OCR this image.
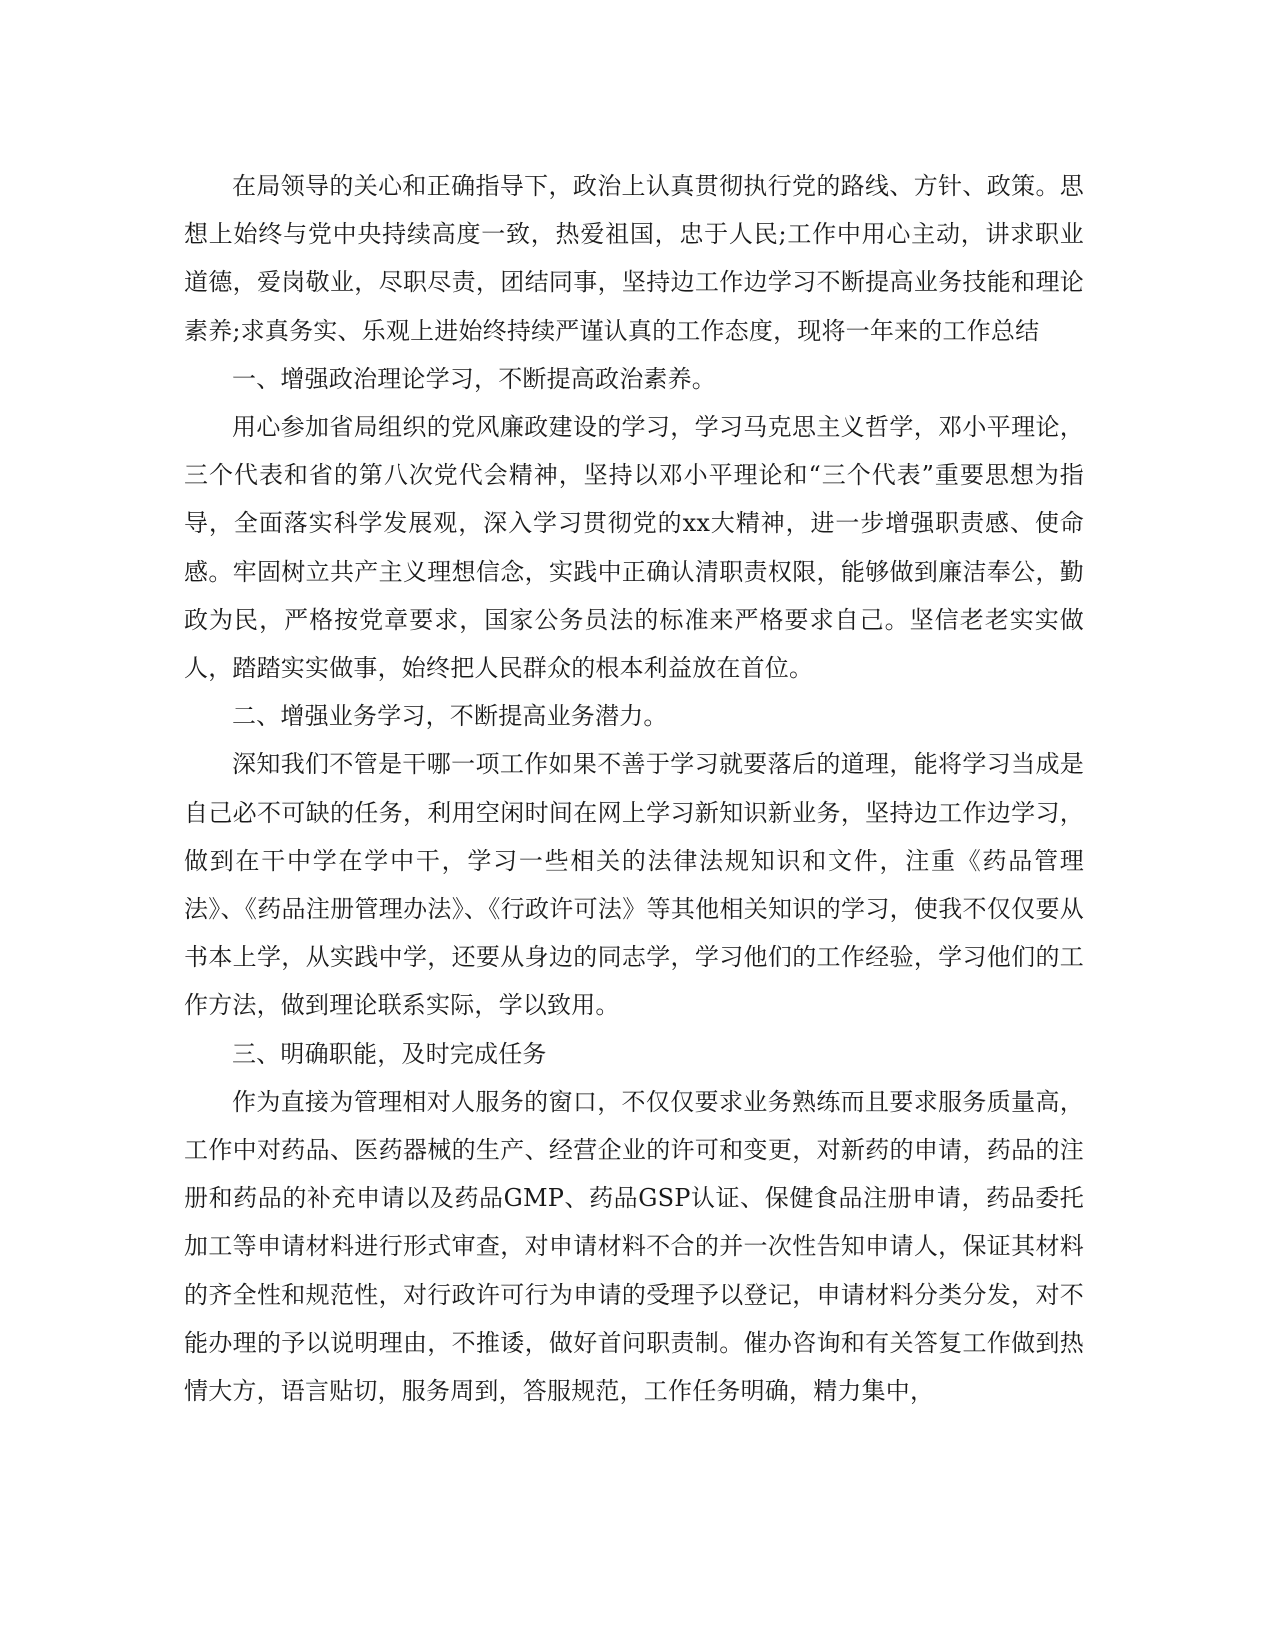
在局领导的关心和正确指导下，政治上认真贯彻执行党的路线、方针、政策。思想上始终与党中央持续高度一致，热爱祖国，忠于人民;工作中用心主动，讲求职业道德，爱岗敬业，尽职尽责，团结同事，坚持边工作边学习不断提高业务技能和理论素养;求真务实、乐观上进始终持续严谨认真的工作态度，现将一年来的工作总结

一、增强政治理论学习，不断提高政治素养。

用心参加省局组织的党风廉政建设的学习，学习马克思主义哲学，邓小平理论，三个代表和省的第八次党代会精神，坚持以邓小平理论和“三个代表”重要思想为指导，全面落实科学发展观，深入学习贯彻党的xx大精神，进一步增强职责感、使命感。牢固树立共产主义理想信念，实践中正确认清职责权限，能够做到廉洁奉公，勤政为民，严格按党章要求，国家公务员法的标准来严格要求自己。坚信老老实实做人，踏踏实实做事，始终把人民群众的根本利益放在首位。

二、增强业务学习，不断提高业务潜力。

深知我们不管是干哪一项工作如果不善于学习就要落后的道理，能将学习当成是自己必不可缺的任务，利用空闲时间在网上学习新知识新业务，坚持边工作边学习，做到在干中学在学中干，学习一些相关的法律法规知识和文件，注重《药品管理法》、《药品注册管理办法》、《行政许可法》等其他相关知识的学习，使我不仅仅要从书本上学，从实践中学，还要从身边的同志学，学习他们的工作经验，学习他们的工作方法，做到理论联系实际，学以致用。

三、明确职能，及时完成任务

作为直接为管理相对人服务的窗口，不仅仅要求业务熟练而且要求服务质量高，工作中对药品、医药器械的生产、经营企业的许可和变更，对新药的申请，药品的注册和药品的补充申请以及药品GMP、药品GSP认证、保健食品注册申请，药品委托加工等申请材料进行形式审查，对申请材料不合的并一次性告知申请人，保证其材料的齐全性和规范性，对行政许可行为申请的受理予以登记，申请材料分类分发，对不能办理的予以说明理由，不推诿，做好首问职责制。催办咨询和有关答复工作做到热情大方，语言贴切，服务周到，答服规范，工作任务明确，精力集中，
